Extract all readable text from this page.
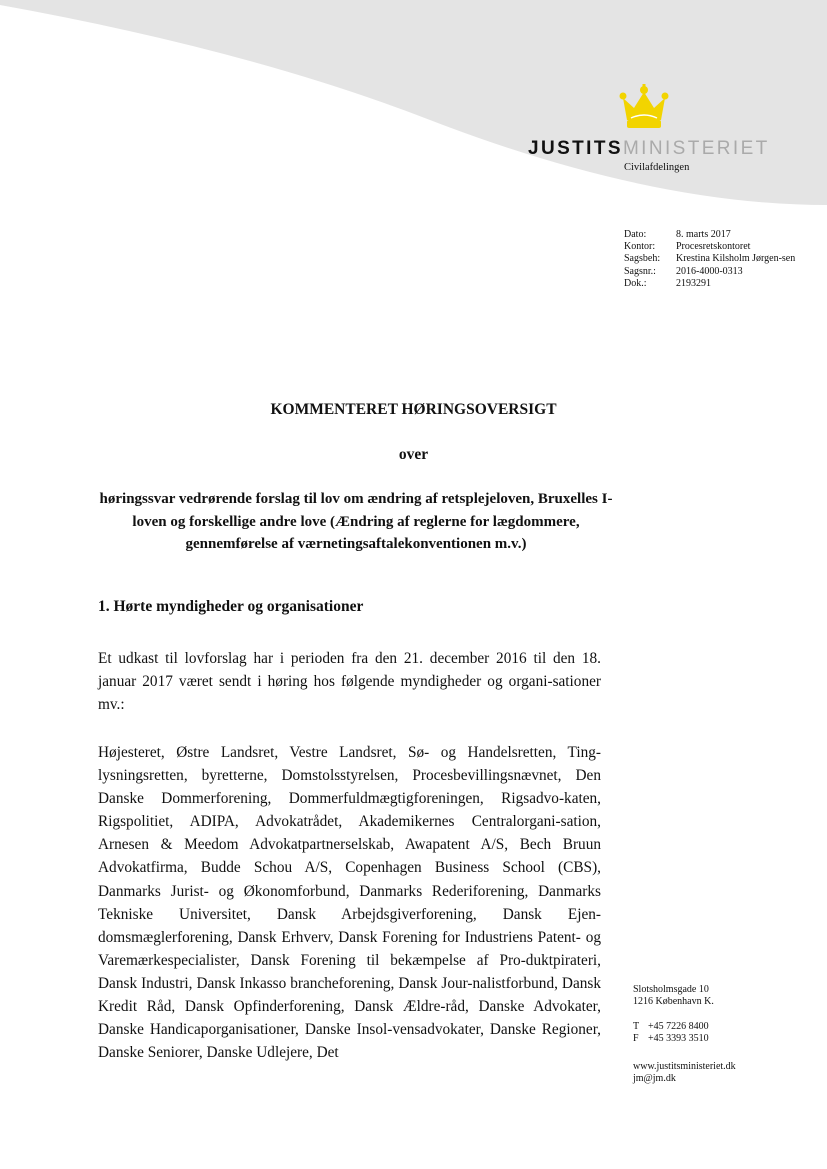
JUSTITSMINISTERIET
Civilafdelingen
Dato:	8. marts 2017
Kontor:	Procesretskontoret
Sagsbeh:	Krestina Kilsholm Jørgen-sen
Sagsnr.:	2016-4000-0313
Dok.:	2193291
KOMMENTERET HØRINGSOVERSIGT
over
høringssvar vedrørende forslag til lov om ændring af retsplejeloven, Bruxelles I-loven og forskellige andre love (Ændring af reglerne for lægdommere, gennemførelse af værnetingsaftalekonventionen m.v.)
1. Hørte myndigheder og organisationer
Et udkast til lovforslag har i perioden fra den 21. december 2016 til den 18. januar 2017 været sendt i høring hos følgende myndigheder og organi-sationer mv.:
Højesteret, Østre Landsret, Vestre Landsret, Sø- og Handelsretten, Ting-lysningsretten, byretterne, Domstolsstyrelsen, Procesbevillingsnævnet, Den Danske Dommerforening, Dommerfuldmægtigforeningen, Rigsadvo-katen, Rigspolitiet, ADIPA, Advokatrådet, Akademikernes Centralorgani-sation, Arnesen & Meedom Advokatpartnerselskab, Awapatent A/S, Bech Bruun Advokatfirma, Budde Schou A/S, Copenhagen Business School (CBS), Danmarks Jurist- og Økonomforbund, Danmarks Rederiforening, Danmarks Tekniske Universitet, Dansk Arbejdsgiverforening, Dansk Ejen-domsmæglerforening, Dansk Erhverv, Dansk Forening for Industriens Patent- og Varemærkespecialister, Dansk Forening til bekæmpelse af Pro-duktpirateri, Dansk Industri, Dansk Inkasso brancheforening, Dansk Jour-nalistforbund, Dansk Kredit Råd, Dansk Opfinderforening, Dansk Ældre-råd, Danske Advokater, Danske Handicaporganisationer, Danske Insol-vensadvokater, Danske Regioner, Danske Seniorer, Danske Udlejere, Det
Slotsholmsgade 10
1216 København K.
T +45 7226 8400
F +45 3393 3510
www.justitsministeriet.dk
jm@jm.dk
